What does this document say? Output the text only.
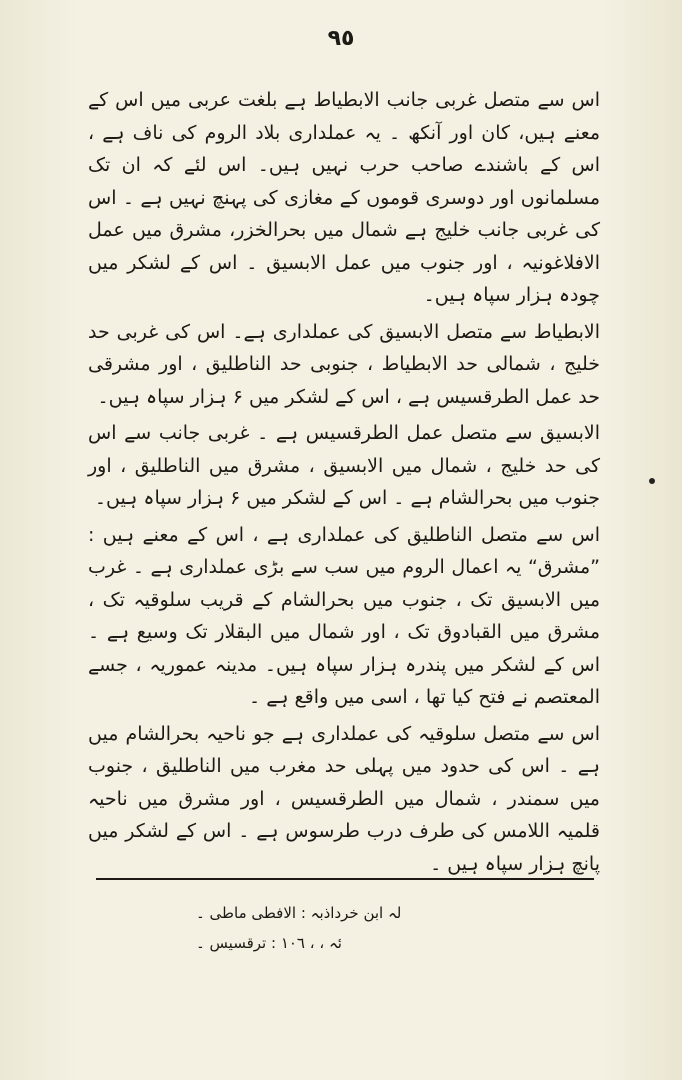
٩٥

اس سے متصل غربی جانب الابطیاط ہے بلغت عربی میں اس کے معنے ہیں، کان اور آنکھ ۔ یہ عملداری بلاد الروم کی ناف ہے ، اس کے باشندے صاحب حرب نہیں ہیں۔ اس لئے کہ ان تک مسلمانوں اور دوسری قوموں کے مغازی کی پہنچ نہیں ہے ۔ اس کی غربی جانب خلیج ہے شمال میں بحرالخزر، مشرق میں عمل الافلاغونیہ ، اور جنوب میں عمل الابسیق ۔ اس کے لشکر میں چودہ ہزار سپاہ ہیں۔

الابطیاط سے متصل الابسیق کی عملداری ہے۔ اس کی غربی حد خلیج ، شمالی حد الابطیاط ، جنوبی حد الناطلیق ، اور مشرقی حد عمل الطرقسیس ہے ، اس کے لشکر میں ۶ ہزار سپاہ ہیں۔

الابسیق سے متصل عمل الطرقسیس ہے ۔ غربی جانب سے اس کی حد خلیج ، شمال میں الابسیق ، مشرق میں الناطلیق ، اور جنوب میں بحرالشام ہے ۔ اس کے لشکر میں ۶ ہزار سپاہ ہیں۔

اس سے متصل الناطلیق کی عملداری ہے ، اس کے معنے ہیں : ”مشرق“ یہ اعمال الروم میں سب سے بڑی عملداری ہے ۔ غرب میں الابسیق تک ، جنوب میں بحرالشام کے قریب سلوقیہ تک ، مشرق میں القبادوق تک ، اور شمال میں البقلار تک وسیع ہے ۔ اس کے لشکر میں پندرہ ہزار سپاہ ہیں۔ مدینہ عموریہ ، جسے المعتصم نے فتح کیا تھا ، اسی میں واقع ہے ۔

اس سے متصل سلوقیہ کی عملداری ہے جو ناحیہ بحرالشام میں ہے ۔ اس کی حدود میں پہلی حد مغرب میں الناطلیق ، جنوب میں سمندر ، شمال میں الطرقسیس ، اور مشرق میں ناحیہ قلمیہ اللامس کی طرف درب طرسوس ہے ۔ اس کے لشکر میں پانچ ہزار سپاہ ہیں ۔

لہ ابن خرداذبہ : الافطی ماطی ۔

ئہ ، ، ١٠٦ : ترقسیس ۔
